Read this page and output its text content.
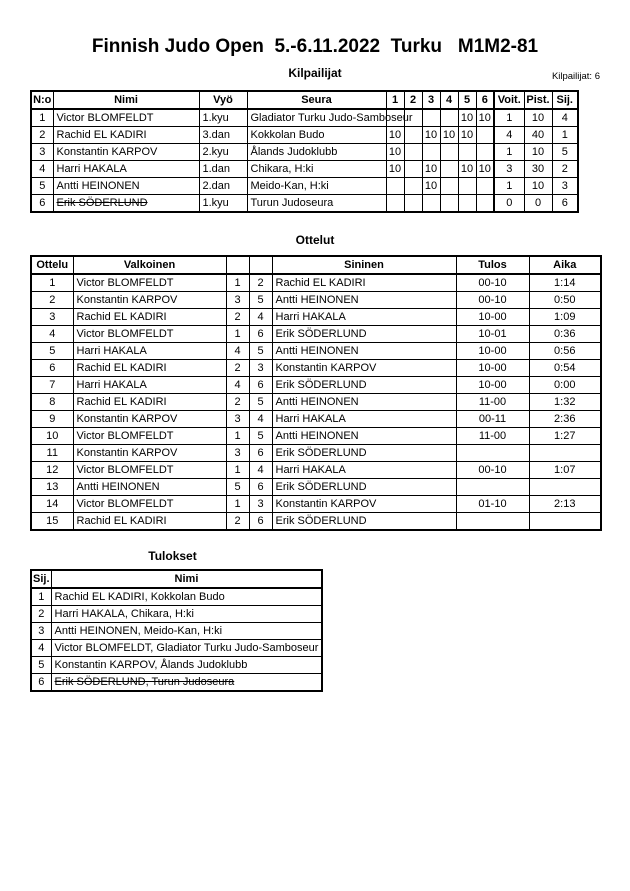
Finnish Judo Open  5.-6.11.2022  Turku   M1M2-81
Kilpailijat	Kilpailijat: 6
N:o	Nimi	Vyö	Seura	1	2	3	4	5	6	Voit.	Pist.	Sij.
1	Victor BLOMFELDT	1.kyu	Gladiator Turku Judo-Samboseur					10	10	1	10	4
2	Rachid EL KADIRI	3.dan	Kokkolan Budo	10		10	10	10		4	40	1
3	Konstantin KARPOV	2.kyu	Ålands Judoklubb	10						1	10	5
4	Harri HAKALA	1.dan	Chikara, H:ki	10		10		10	10	3	30	2
5	Antti HEINONEN	2.dan	Meido-Kan, H:ki			10				1	10	3
6	Erik SÖDERLUND	1.kyu	Turun Judoseura							0	0	6
Ottelut
Ottelu	Valkoinen			Sininen	Tulos	Aika
1	Victor BLOMFELDT	1	2	Rachid EL KADIRI	00-10	1:14
2	Konstantin KARPOV	3	5	Antti HEINONEN	00-10	0:50
3	Rachid EL KADIRI	2	4	Harri HAKALA	10-00	1:09
4	Victor BLOMFELDT	1	6	Erik SÖDERLUND	10-01	0:36
5	Harri HAKALA	4	5	Antti HEINONEN	10-00	0:56
6	Rachid EL KADIRI	2	3	Konstantin KARPOV	10-00	0:54
7	Harri HAKALA	4	6	Erik SÖDERLUND	10-00	0:00
8	Rachid EL KADIRI	2	5	Antti HEINONEN	11-00	1:32
9	Konstantin KARPOV	3	4	Harri HAKALA	00-11	2:36
10	Victor BLOMFELDT	1	5	Antti HEINONEN	11-00	1:27
11	Konstantin KARPOV	3	6	Erik SÖDERLUND		
12	Victor BLOMFELDT	1	4	Harri HAKALA	00-10	1:07
13	Antti HEINONEN	5	6	Erik SÖDERLUND		
14	Victor BLOMFELDT	1	3	Konstantin KARPOV	01-10	2:13
15	Rachid EL KADIRI	2	6	Erik SÖDERLUND		
Tulokset
Sij.	Nimi
1	Rachid EL KADIRI, Kokkolan Budo
2	Harri HAKALA, Chikara, H:ki
3	Antti HEINONEN, Meido-Kan, H:ki
4	Victor BLOMFELDT, Gladiator Turku Judo-Samboseur
5	Konstantin KARPOV, Ålands Judoklubb
6	Erik SÖDERLUND, Turun Judoseura
